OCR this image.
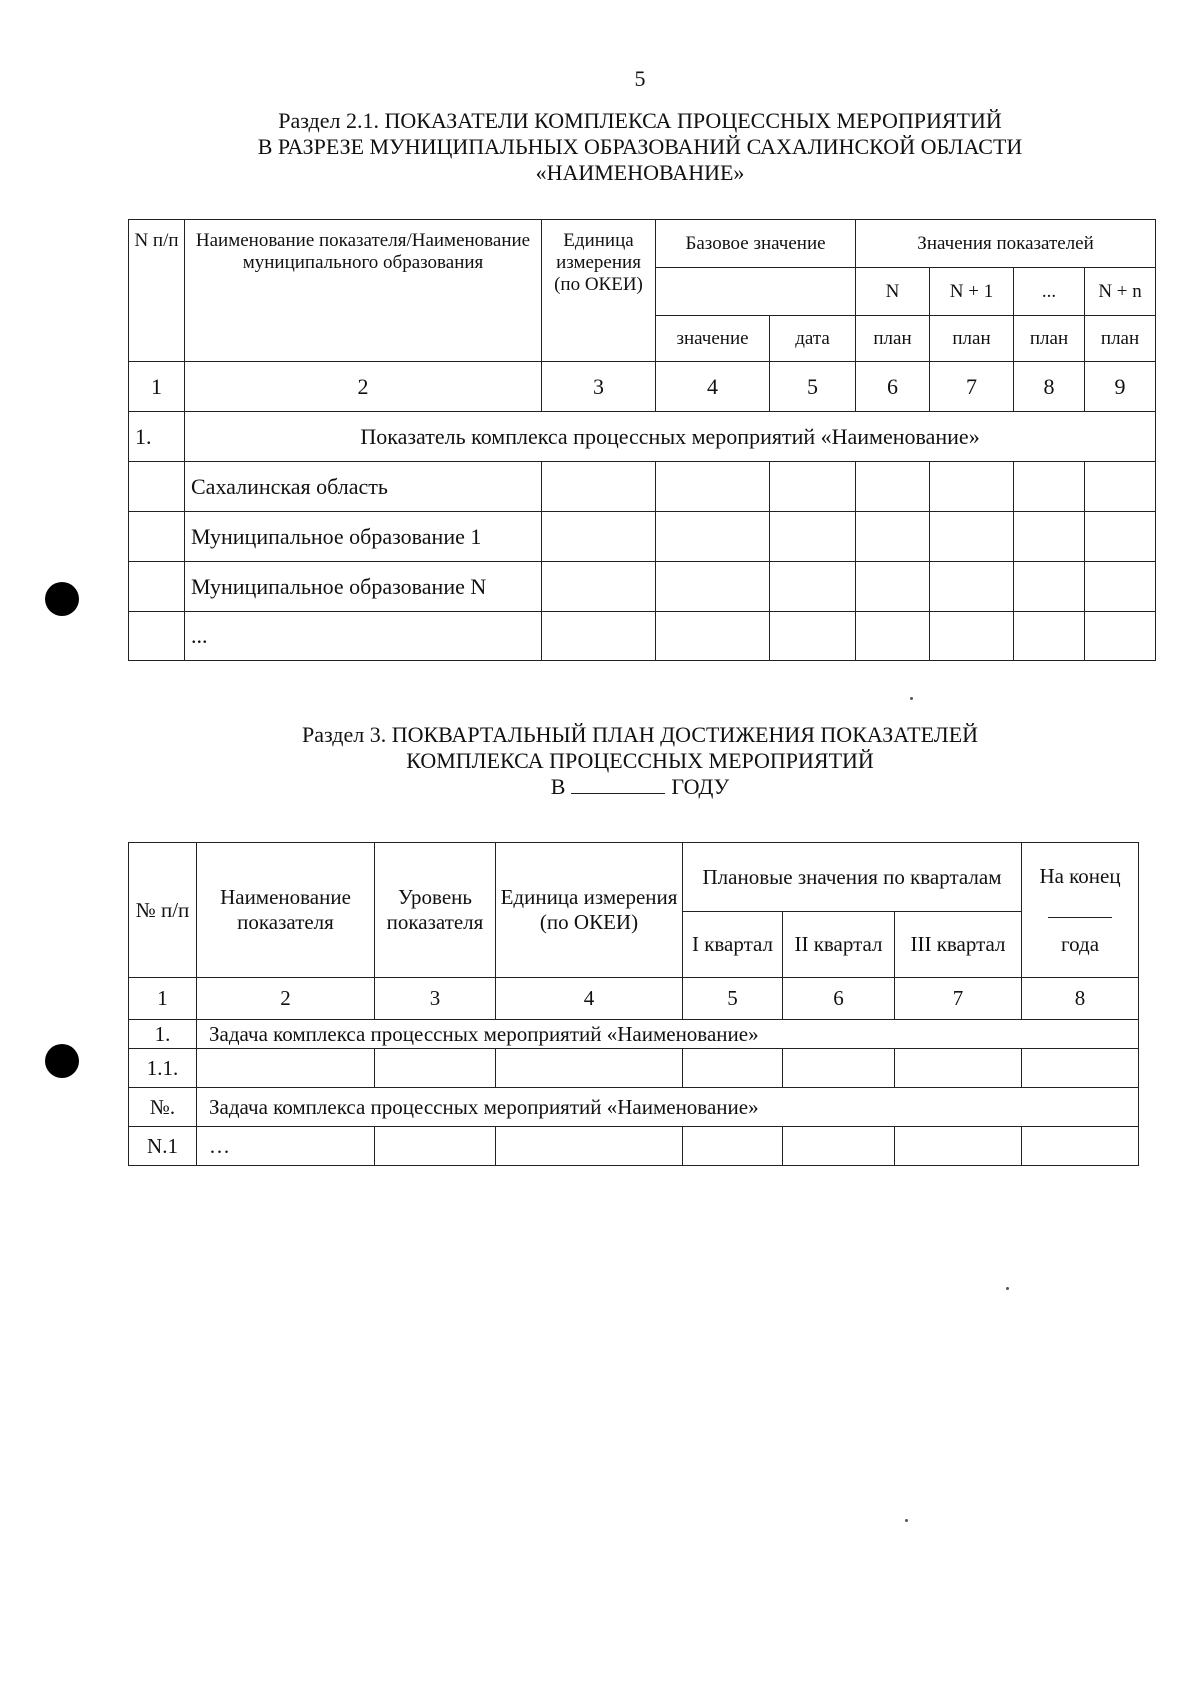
5
Раздел 2.1. ПОКАЗАТЕЛИ КОМПЛЕКСА ПРОЦЕССНЫХ МЕРОПРИЯТИЙ
В РАЗРЕЗЕ МУНИЦИПАЛЬНЫХ ОБРАЗОВАНИЙ САХАЛИНСКОЙ ОБЛАСТИ
«НАИМЕНОВАНИЕ»
N п/п	Наименование показателя/Наименование муниципального образования	Единица измерения (по ОКЕИ)	Базовое значение		Значения показателей			
					N	N + 1	...	N + n
			значение	дата	план	план	план	план
1	2	3	4	5	6	7	8	9
1.	Показатель комплекса процессных мероприятий «Наименование»							
	Сахалинская область							
	Муниципальное образование 1							
	Муниципальное образование N							
	...							
Раздел 3. ПОКВАРТАЛЬНЫЙ ПЛАН ДОСТИЖЕНИЯ ПОКАЗАТЕЛЕЙ
КОМПЛЕКСА ПРОЦЕССНЫХ МЕРОПРИЯТИЙ
В	ГОДУ
№ п/п	Наименование показателя	Уровень показателя	Единица измерения (по ОКЕИ)	Плановые значения по кварталам			На конец
года

				I квартал	II квартал	III квартал	
1	2	3	4	5	6	7	8
1.	Задача комплекса процессных мероприятий «Наименование»						
1.1.							
№.	Задача комплекса процессных мероприятий «Наименование»						
N.1	…						
